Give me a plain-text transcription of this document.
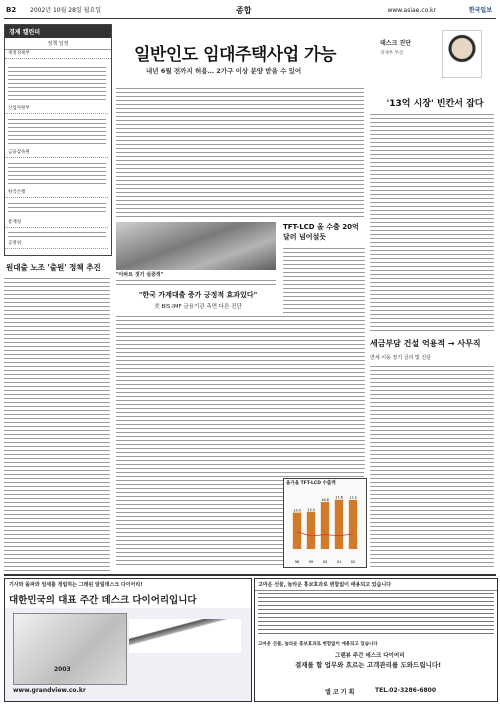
B2 2002년 10월 28일 월요일	종합	www.asiae.co.kr	한국일보
경제 캘린더
정책 일정
재정경제부
산업자원부
금융감독원
한국은행
통계청
공정위
원대출 노조 '출원' 정책 추진
일반인도 임대주택사업 가능
내년 6월 전까지 허용… 2가구 이상 분양 받을 수 있어
"아파트 짓기 실증적"
"한국 가계대출 증가 긍정적 효과있다"
美 BIS·IMF 금융기관 측면 다른 진단
TFT-LCD 올 수출 20억달러 넘어설듯
올가을 TFT-LCD 수출액
13.0
98
13.3
99
16.8
00
17.6
01
17.5
02
데스크 진단
경제부 부장
'13억 시장' 빈칸서 잡다
세금부담 건설 억용적 → 사무직
면세 이동 장기 금리 및 진단
기사와 돌파와 엄세를 정립하는 그래핀 알림데스크 다이어리!
대한민국의 대표 주간 데스크 다이어리입니다
2003
www.grandview.co.kr
고마운 선물, 놀라운 홍보효과로 변함없이 애용되고 있습니다
고마운 선물, 놀라운 홍보효과로 변함없이 애용되고 있습니다
그랜뷰 주간 데스크 다이어리
결재를 할 업무와 흐르는 고객관리를 도와드립니다!
엘 코 기 획	TEL.02-3286-6800
